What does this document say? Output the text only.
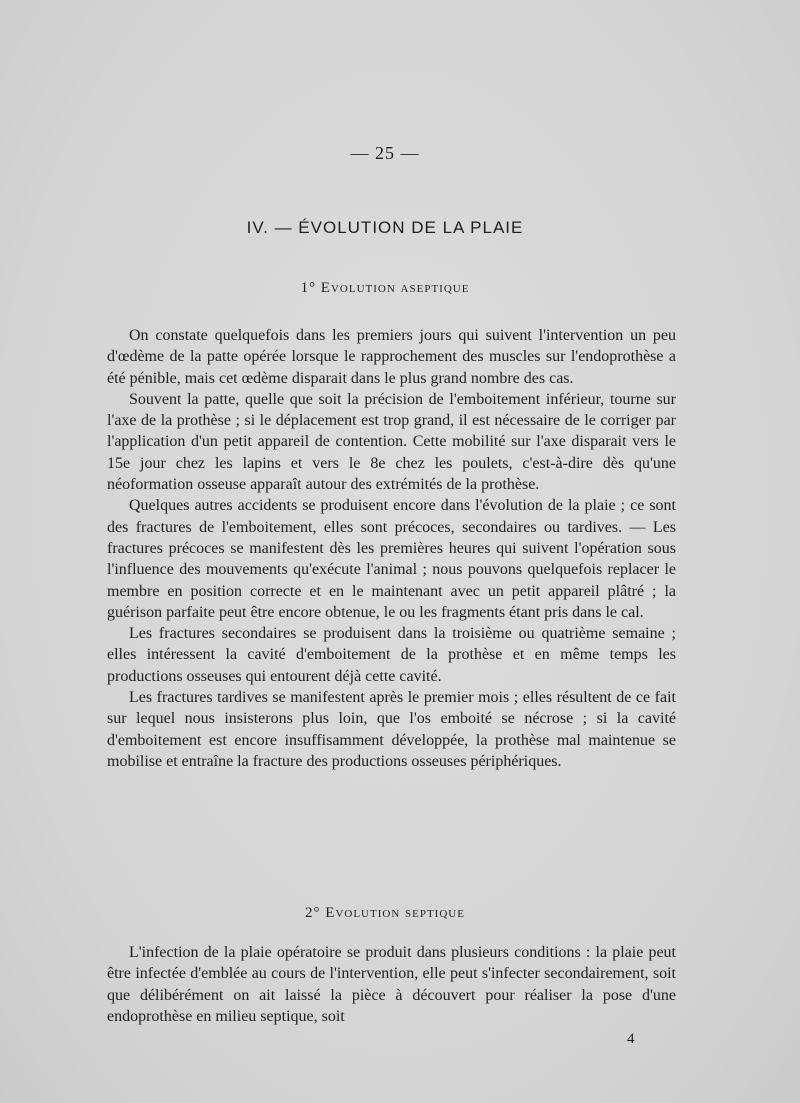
— 25 —
IV. — ÉVOLUTION DE LA PLAIE
1° Evolution aseptique

On constate quelquefois dans les premiers jours qui suivent l'intervention un peu d'œdème de la patte opérée lorsque le rapprochement des muscles sur l'endoprothèse a été pénible, mais cet œdème disparait dans le plus grand nombre des cas.

Souvent la patte, quelle que soit la précision de l'emboitement inférieur, tourne sur l'axe de la prothèse ; si le déplacement est trop grand, il est nécessaire de le corriger par l'application d'un petit appareil de contention. Cette mobilité sur l'axe disparait vers le 15e jour chez les lapins et vers le 8e chez les poulets, c'est-à-dire dès qu'une néoformation osseuse apparaît autour des extrémités de la prothèse.

Quelques autres accidents se produisent encore dans l'évolution de la plaie ; ce sont des fractures de l'emboitement, elles sont précoces, secondaires ou tardives. — Les fractures précoces se manifestent dès les premières heures qui suivent l'opération sous l'influence des mouvements qu'exécute l'animal ; nous pouvons quelquefois replacer le membre en position correcte et en le maintenant avec un petit appareil plâtré ; la guérison parfaite peut être encore obtenue, le ou les fragments étant pris dans le cal.

Les fractures secondaires se produisent dans la troisième ou quatrième semaine ; elles intéressent la cavité d'emboitement de la prothèse et en même temps les productions osseuses qui entourent déjà cette cavité.

Les fractures tardives se manifestent après le premier mois ; elles résultent de ce fait sur lequel nous insisterons plus loin, que l'os emboité se nécrose ; si la cavité d'emboitement est encore insuffisamment développée, la prothèse mal maintenue se mobilise et entraîne la fracture des productions osseuses périphériques.

2° Evolution septique

L'infection de la plaie opératoire se produit dans plusieurs conditions : la plaie peut être infectée d'emblée au cours de l'intervention, elle peut s'infecter secondairement, soit que délibérément on ait laissé la pièce à découvert pour réaliser la pose d'une endoprothèse en milieu septique, soit

4
